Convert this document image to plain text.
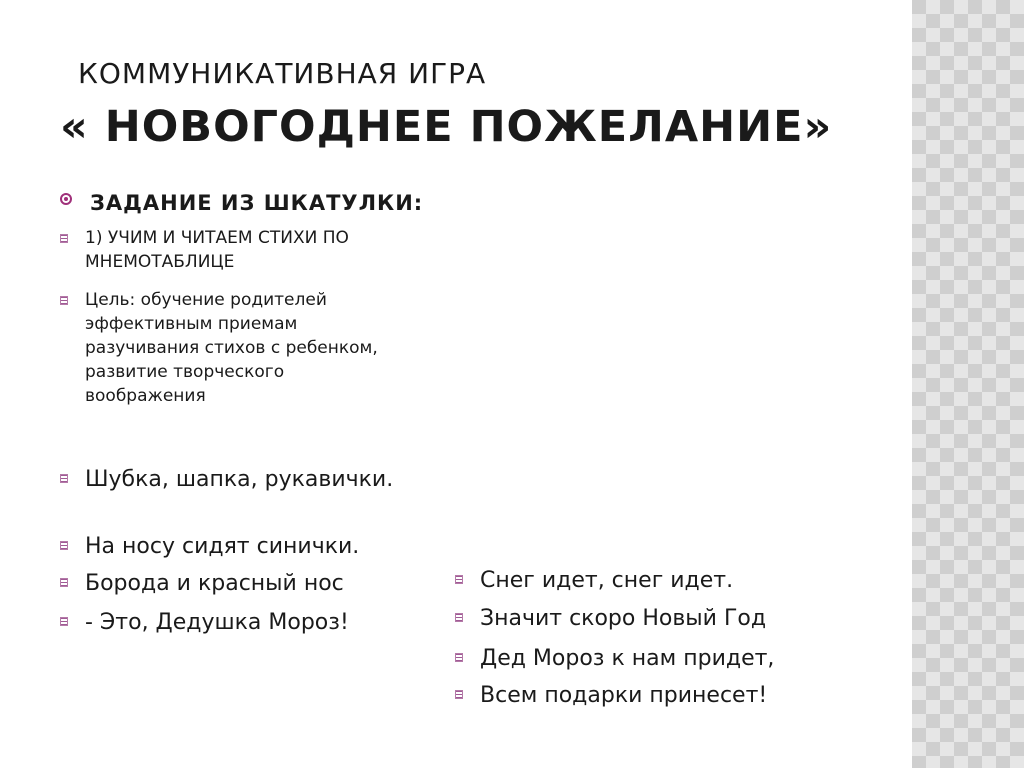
КОММУНИКАТИВНАЯ ИГРА
« НОВОГОДНЕЕ ПОЖЕЛАНИЕ»
ЗАДАНИЕ ИЗ ШКАТУЛКИ:
1) УЧИМ И ЧИТАЕМ СТИХИ ПО
МНЕМОТАБЛИЦЕ
Цель: обучение родителей
эффективным приемам
разучивания стихов с ребенком,
развитие творческого
воображения
Шубка, шапка, рукавички.
На носу сидят синички.
Борода и красный нос
- Это, Дедушка Мороз!
Снег идет, снег идет.
Значит скоро Новый Год
Дед Мороз к нам придет,
Всем подарки принесет!
